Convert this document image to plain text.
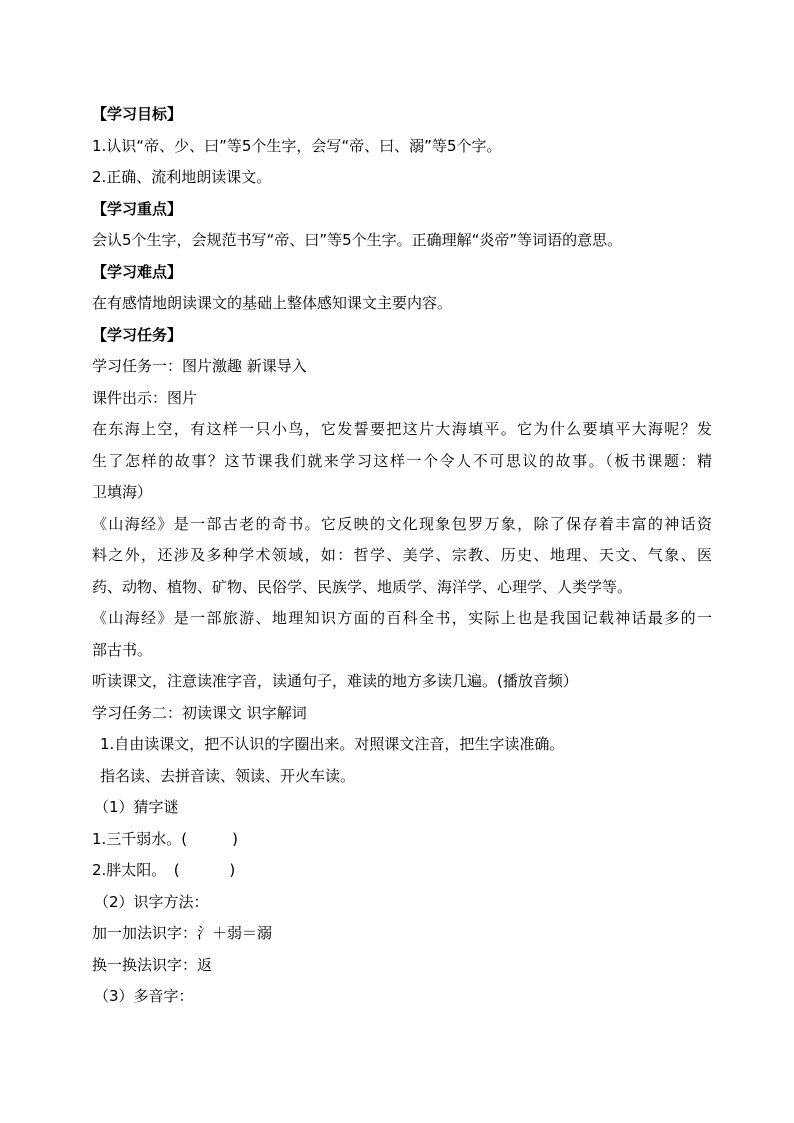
【学习目标】
1.认识“帝、少、曰”等5个生字，会写“帝、曰、溺”等5个字。
2.正确、流利地朗读课文。
【学习重点】
会认5个生字，会规范书写“帝、曰”等5个生字。正确理解“炎帝”等词语的意思。
【学习难点】
在有感情地朗读课文的基础上整体感知课文主要内容。
【学习任务】
学习任务一：图片激趣 新课导入
课件出示：图片
在东海上空，有这样一只小鸟，它发誓要把这片大海填平。它为什么要填平大海呢？发
生了怎样的故事？这节课我们就来学习这样一个令人不可思议的故事。（板书课题：精
卫填海）
《山海经》是一部古老的奇书。它反映的文化现象包罗万象，除了保存着丰富的神话资
料之外，还涉及多种学术领域，如：哲学、美学、宗教、历史、地理、天文、气象、医
药、动物、植物、矿物、民俗学、民族学、地质学、海洋学、心理学、人类学等。
《山海经》是一部旅游、地理知识方面的百科全书，实际上也是我国记载神话最多的一
部古书。
听读课文，注意读准字音，读通句子，难读的地方多读几遍。(播放音频）
学习任务二：初读课文 识字解词
1.自由读课文，把不认识的字圈出来。对照课文注音，把生字读准确。
指名读、去拼音读、领读、开火车读。
（1）猜字谜
1.三千弱水。(　　　)
2.胖太阳。　(　　　 )
（2）识字方法：
加一加法识字：氵＋弱＝溺
换一换法识字：返
（3）多音字：
